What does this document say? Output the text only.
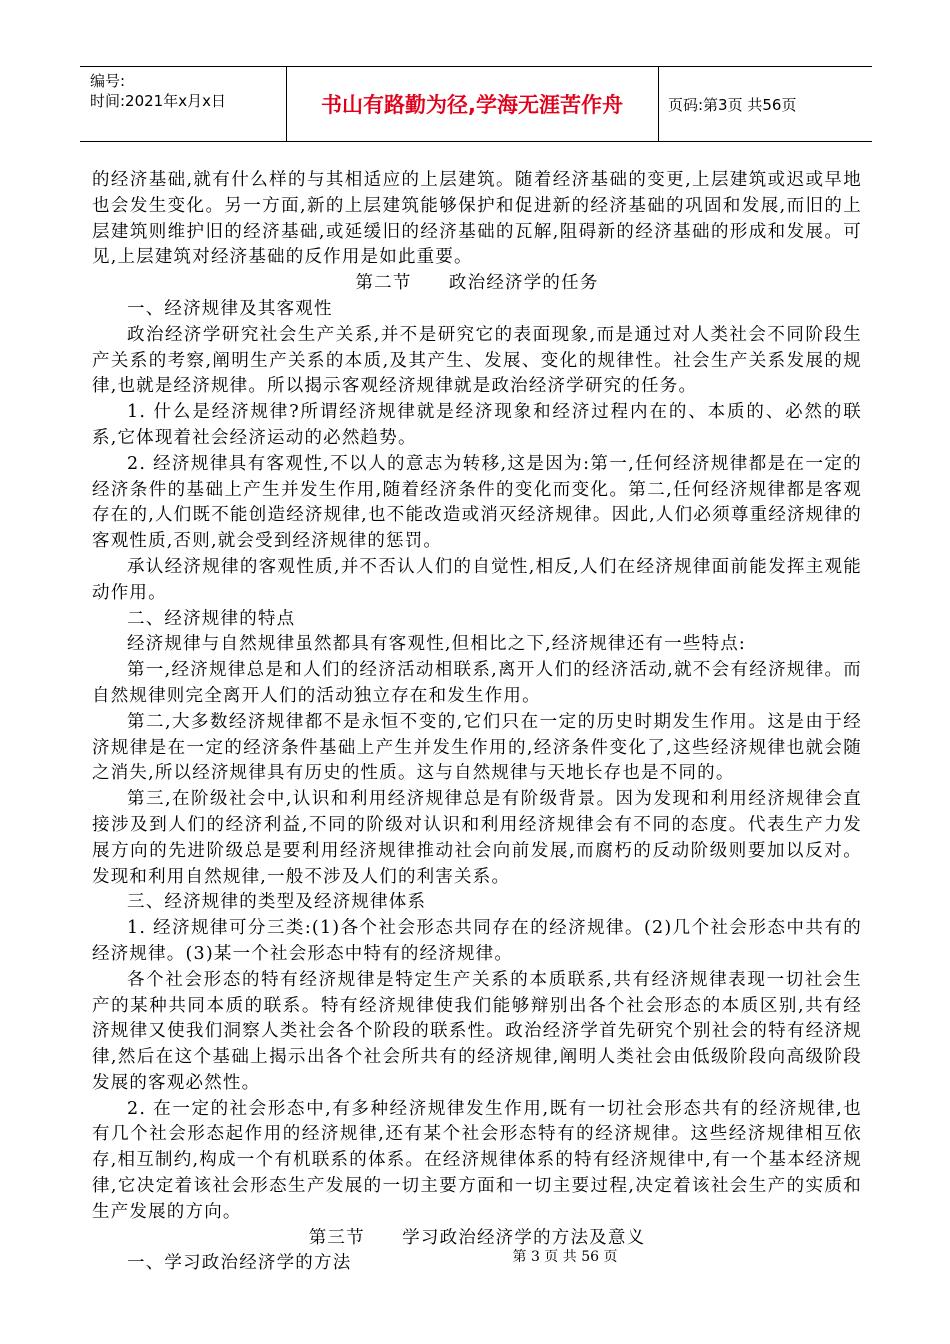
编号:
时间:2021年x月x日	书山有路勤为径,学海无涯苦作舟	页码:第3页 共56页

的经济基础,就有什么样的与其相适应的上层建筑。随着经济基础的变更,上层建筑或迟或早地也会发生变化。另一方面,新的上层建筑能够保护和促进新的经济基础的巩固和发展,而旧的上层建筑则维护旧的经济基础,或延缓旧的经济基础的瓦解,阻碍新的经济基础的形成和发展。可见,上层建筑对经济基础的反作用是如此重要。

第二节　　政治经济学的任务

一、经济规律及其客观性

政治经济学研究社会生产关系,并不是研究它的表面现象,而是通过对人类社会不同阶段生产关系的考察,阐明生产关系的本质,及其产生、发展、变化的规律性。社会生产关系发展的规律,也就是经济规律。所以揭示客观经济规律就是政治经济学研究的任务。

1. 什么是经济规律?所谓经济规律就是经济现象和经济过程内在的、本质的、必然的联系,它体现着社会经济运动的必然趋势。

2. 经济规律具有客观性,不以人的意志为转移,这是因为:第一,任何经济规律都是在一定的经济条件的基础上产生并发生作用,随着经济条件的变化而变化。第二,任何经济规律都是客观存在的,人们既不能创造经济规律,也不能改造或消灭经济规律。因此,人们必须尊重经济规律的客观性质,否则,就会受到经济规律的惩罚。

承认经济规律的客观性质,并不否认人们的自觉性,相反,人们在经济规律面前能发挥主观能动作用。

二、经济规律的特点

经济规律与自然规律虽然都具有客观性,但相比之下,经济规律还有一些特点:

第一,经济规律总是和人们的经济活动相联系,离开人们的经济活动,就不会有经济规律。而自然规律则完全离开人们的活动独立存在和发生作用。

第二,大多数经济规律都不是永恒不变的,它们只在一定的历史时期发生作用。这是由于经济规律是在一定的经济条件基础上产生并发生作用的,经济条件变化了,这些经济规律也就会随之消失,所以经济规律具有历史的性质。这与自然规律与天地长存也是不同的。

第三,在阶级社会中,认识和利用经济规律总是有阶级背景。因为发现和利用经济规律会直接涉及到人们的经济利益,不同的阶级对认识和利用经济规律会有不同的态度。代表生产力发展方向的先进阶级总是要利用经济规律推动社会向前发展,而腐朽的反动阶级则要加以反对。发现和利用自然规律,一般不涉及人们的利害关系。

三、经济规律的类型及经济规律体系

1. 经济规律可分三类:(1)各个社会形态共同存在的经济规律。(2)几个社会形态中共有的经济规律。(3)某一个社会形态中特有的经济规律。

各个社会形态的特有经济规律是特定生产关系的本质联系,共有经济规律表现一切社会生产的某种共同本质的联系。特有经济规律使我们能够辩别出各个社会形态的本质区别,共有经济规律又使我们洞察人类社会各个阶段的联系性。政治经济学首先研究个别社会的特有经济规律,然后在这个基础上揭示出各个社会所共有的经济规律,阐明人类社会由低级阶段向高级阶段发展的客观必然性。

2. 在一定的社会形态中,有多种经济规律发生作用,既有一切社会形态共有的经济规律,也有几个社会形态起作用的经济规律,还有某个社会形态特有的经济规律。这些经济规律相互依存,相互制约,构成一个有机联系的体系。在经济规律体系的特有经济规律中,有一个基本经济规律,它决定着该社会形态生产发展的一切主要方面和一切主要过程,决定着该社会生产的实质和生产发展的方向。

第三节　　学习政治经济学的方法及意义

一、学习政治经济学的方法	第 3 页 共 56 页
